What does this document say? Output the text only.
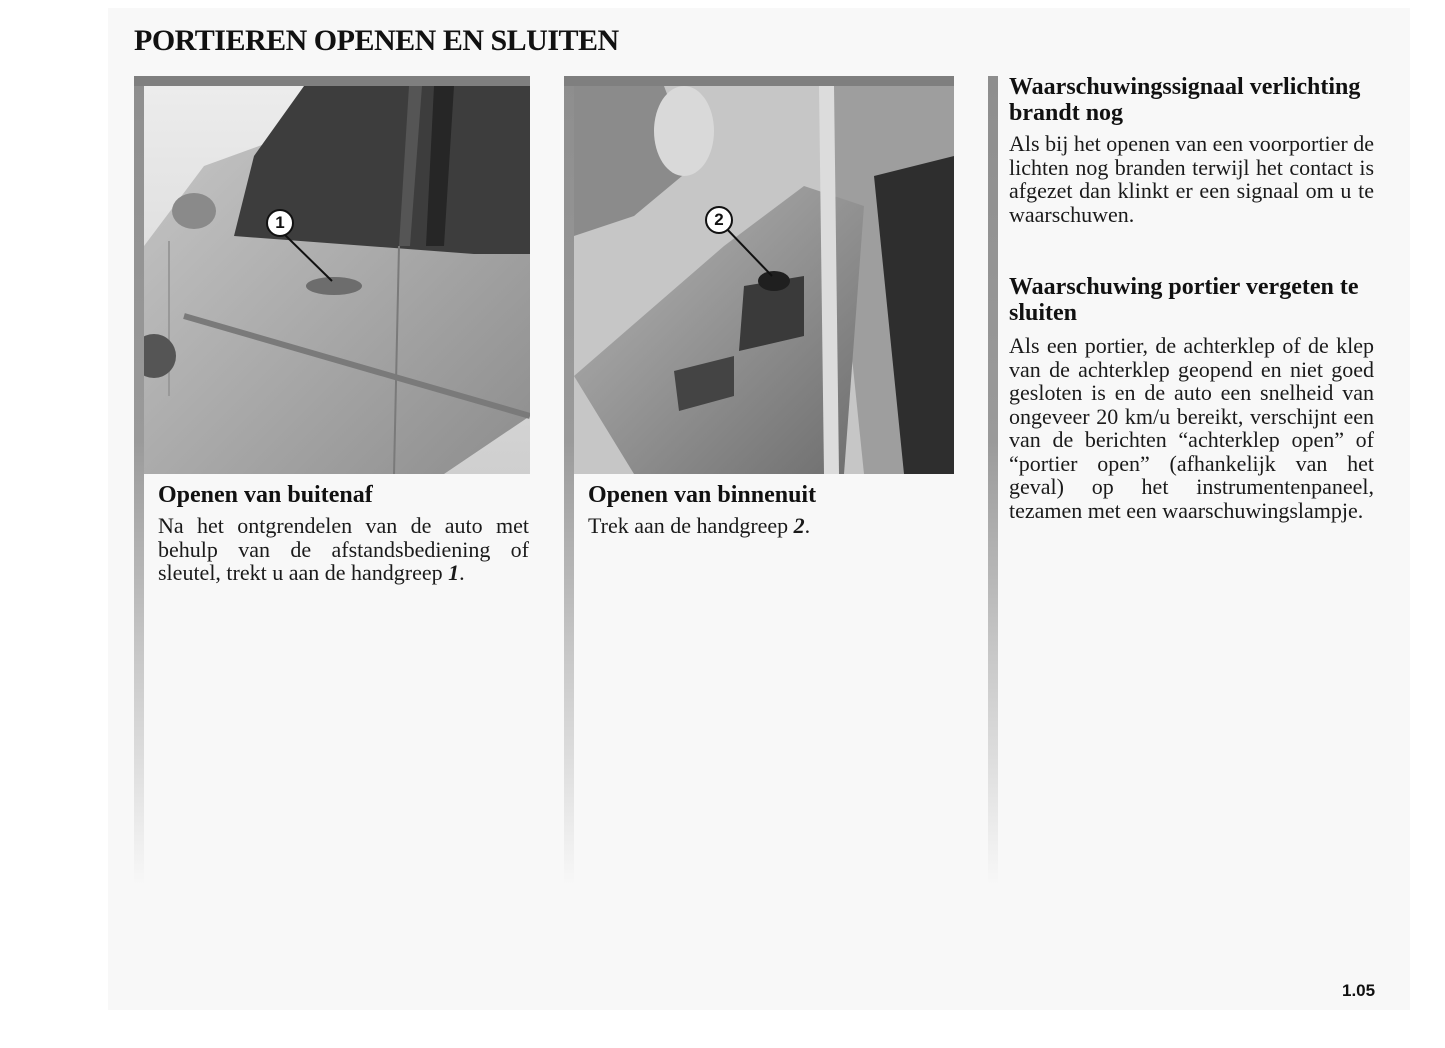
PORTIEREN OPENEN EN SLUITEN
1	2
Openen van buitenaf

Na het ontgrendelen van de auto met behulp van de afstandsbediening of sleutel, trekt u aan de handgreep 1.

Openen van binnenuit

Trek aan de handgreep 2.

Waarschuwingssignaal verlichting brandt nog

Als bij het openen van een voorportier de lichten nog branden terwijl het contact is afgezet dan klinkt er een signaal om u te waarschuwen.

Waarschuwing portier vergeten te sluiten

Als een portier, de achterklep of de klep van de achterklep geopend en niet goed gesloten is en de auto een snelheid van ongeveer 20 km/u bereikt, verschijnt een van de berichten “achterklep open” of “portier open” (afhankelijk van het geval) op het instrumentenpaneel, tezamen met een waarschuwingslampje.

1.05
